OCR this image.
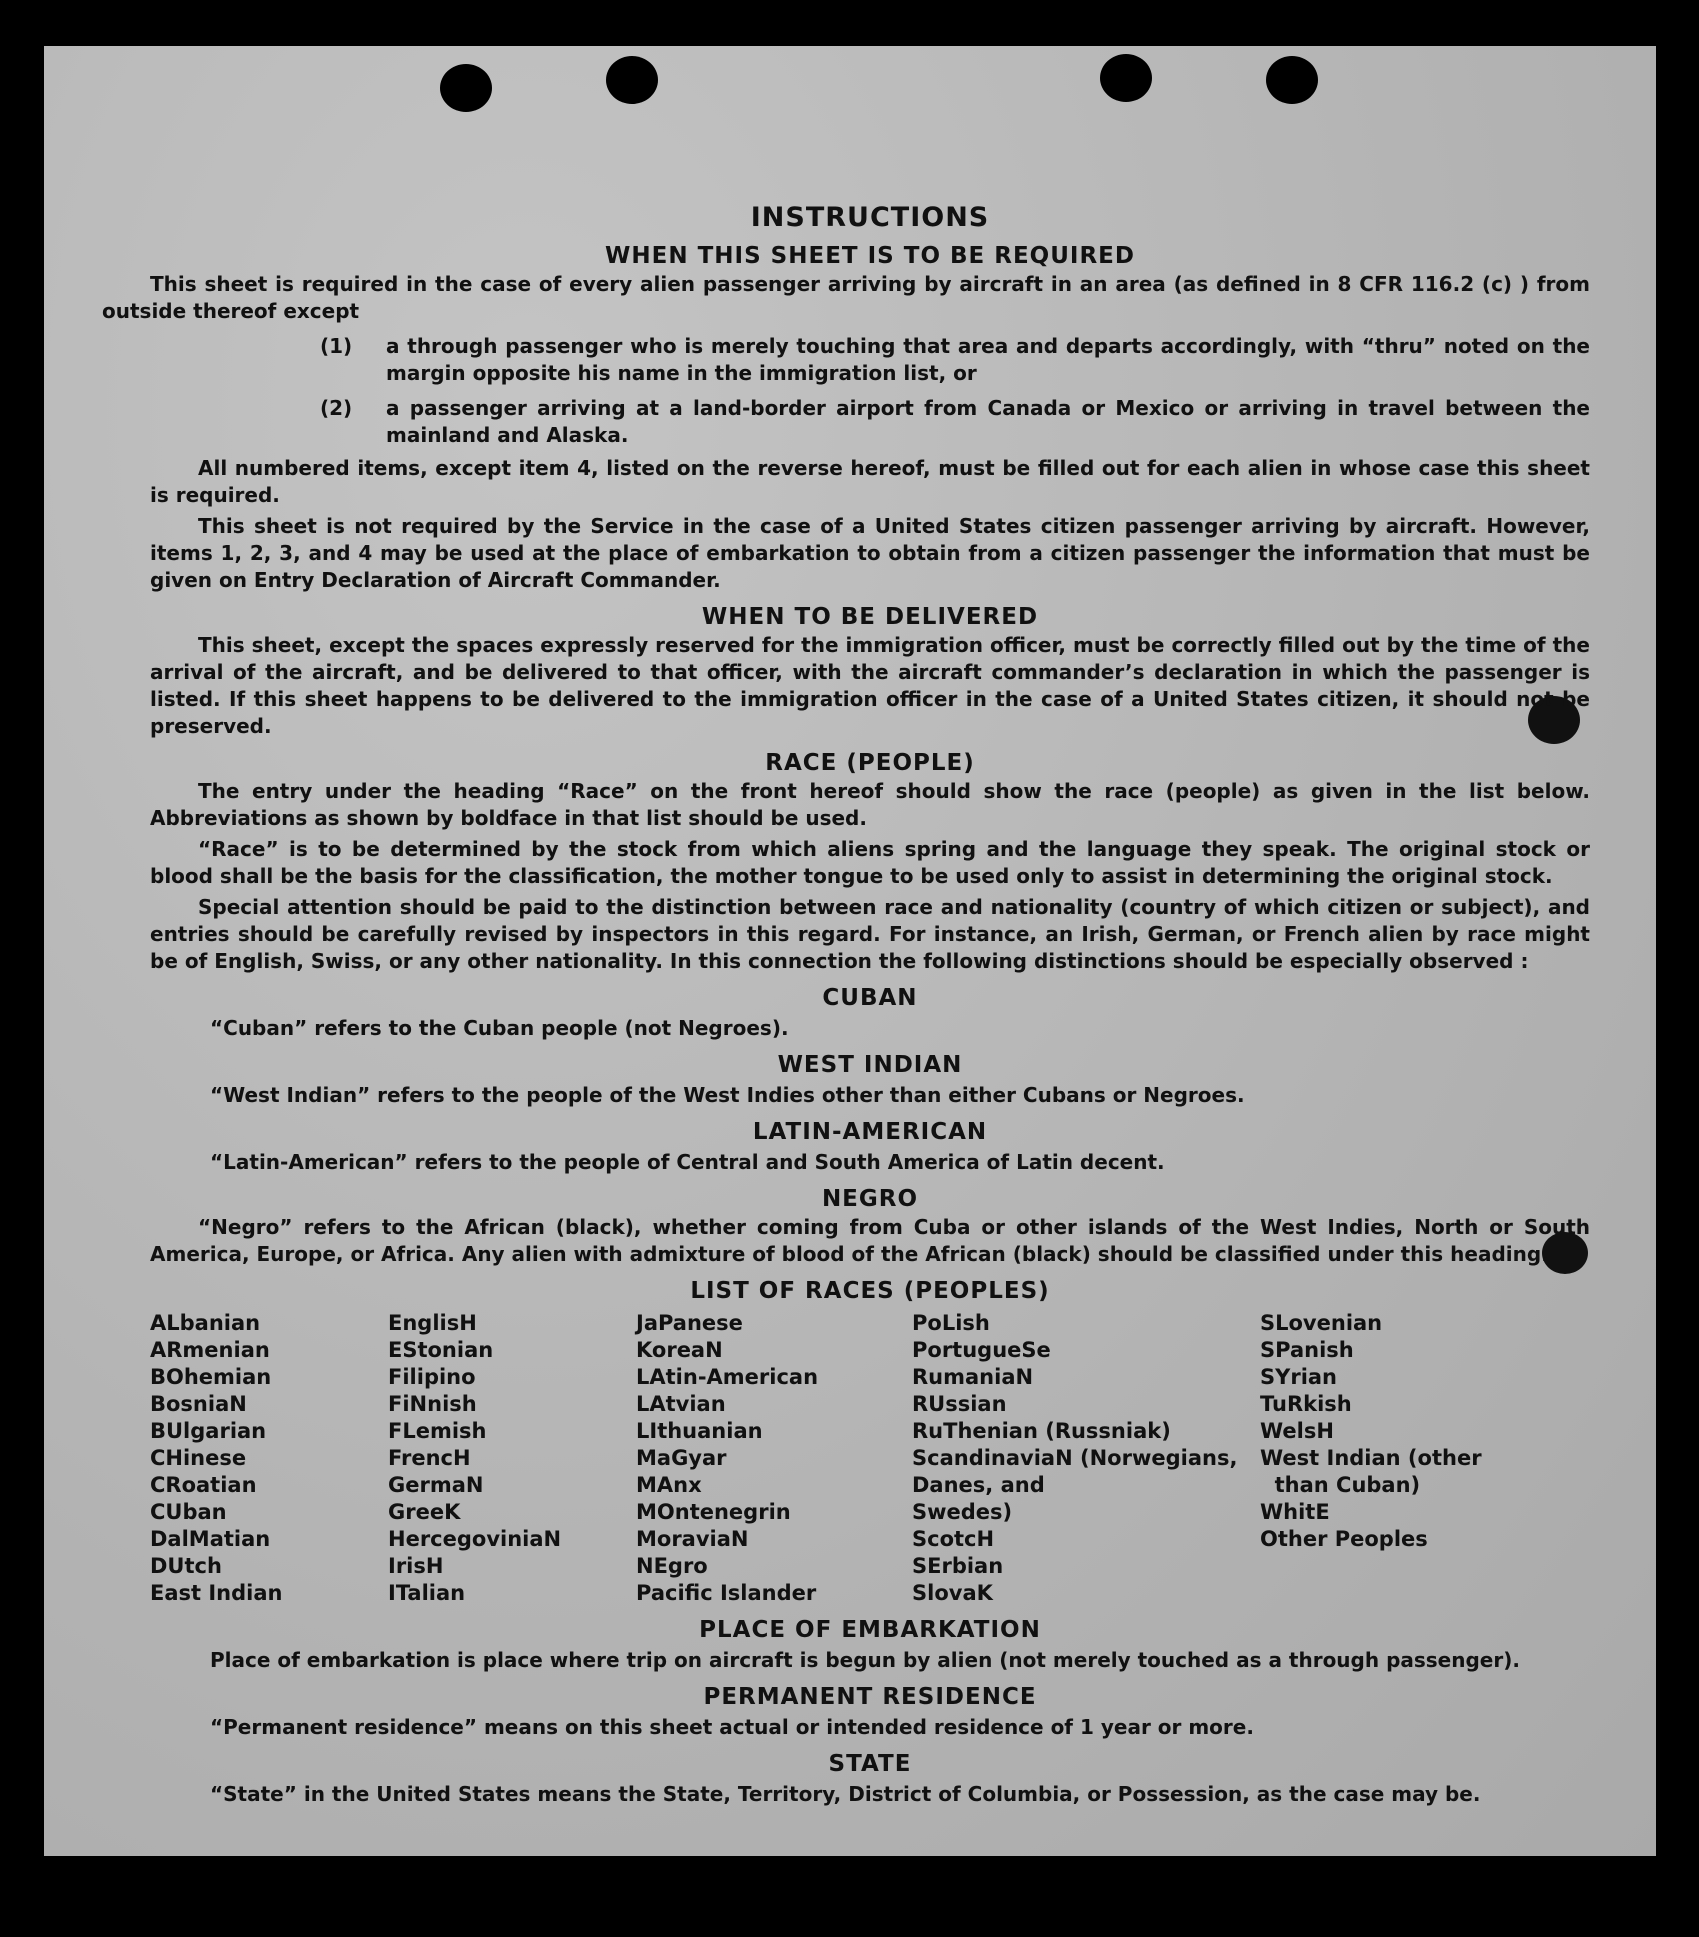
INSTRUCTIONS
WHEN THIS SHEET IS TO BE REQUIRED

This sheet is required in the case of every alien passenger arriving by aircraft in an area (as defined in 8 CFR 116.2 (c) ) from outside thereof except

(1)	a through passenger who is merely touching that area and departs accordingly, with “thru” noted on the margin opposite his name in the immigration list, or
(2)	a passenger arriving at a land-border airport from Canada or Mexico or arriving in travel between the mainland and Alaska.

All numbered items, except item 4, listed on the reverse hereof, must be filled out for each alien in whose case this sheet is required.

This sheet is not required by the Service in the case of a United States citizen passenger arriving by aircraft. However, items 1, 2, 3, and 4 may be used at the place of embarkation to obtain from a citizen passenger the information that must be given on Entry Declaration of Aircraft Commander.

WHEN TO BE DELIVERED

This sheet, except the spaces expressly reserved for the immigration officer, must be correctly filled out by the time of the arrival of the aircraft, and be delivered to that officer, with the aircraft commander’s declaration in which the passenger is listed. If this sheet happens to be delivered to the immigration officer in the case of a United States citizen, it should not be preserved.

RACE (PEOPLE)

The entry under the heading “Race” on the front hereof should show the race (people) as given in the list below. Abbreviations as shown by boldface in that list should be used.

“Race” is to be determined by the stock from which aliens spring and the language they speak. The original stock or blood shall be the basis for the classification, the mother tongue to be used only to assist in determining the original stock.

Special attention should be paid to the distinction between race and nationality (country of which citizen or subject), and entries should be carefully revised by inspectors in this regard. For instance, an Irish, German, or French alien by race might be of English, Swiss, or any other nationality. In this connection the following distinctions should be especially observed :

CUBAN

“Cuban” refers to the Cuban people (not Negroes).

WEST INDIAN

“West Indian” refers to the people of the West Indies other than either Cubans or Negroes.

LATIN-AMERICAN

“Latin-American” refers to the people of Central and South America of Latin decent.

NEGRO

“Negro” refers to the African (black), whether coming from Cuba or other islands of the West Indies, North or South America, Europe, or Africa. Any alien with admixture of blood of the African (black) should be classified under this heading.

LIST OF RACES (PEOPLES)
ALbanian
ARmenian
BOhemian
BosniaN
BUlgarian
CHinese
CRoatian
CUban
DalMatian
DUtch
East Indian
EnglisH
EStonian
Filipino
FiNnish
FLemish
FrencH
GermaN
GreeK
HercegoviniaN
IrisH
ITalian
JaPanese
KoreaN
LAtin-American
LAtvian
LIthuanian
MaGyar
MAnx
MOntenegrin
MoraviaN
NEgro
Pacific Islander
PoLish
PortugueSe
RumaniaN
RUssian
RuThenian (Russniak)
ScandinaviaN (Norwegians,
Danes, and
Swedes)
ScotcH
SErbian
SlovaK
SLovenian
SPanish
SYrian
TuRkish
WelsH
West Indian (other
than Cuban)
WhitE
Other Peoples
PLACE OF EMBARKATION

Place of embarkation is place where trip on aircraft is begun by alien (not merely touched as a through passenger).

PERMANENT RESIDENCE

“Permanent residence” means on this sheet actual or intended residence of 1 year or more.

STATE

“State” in the United States means the State, Territory, District of Columbia, or Possession, as the case may be.
